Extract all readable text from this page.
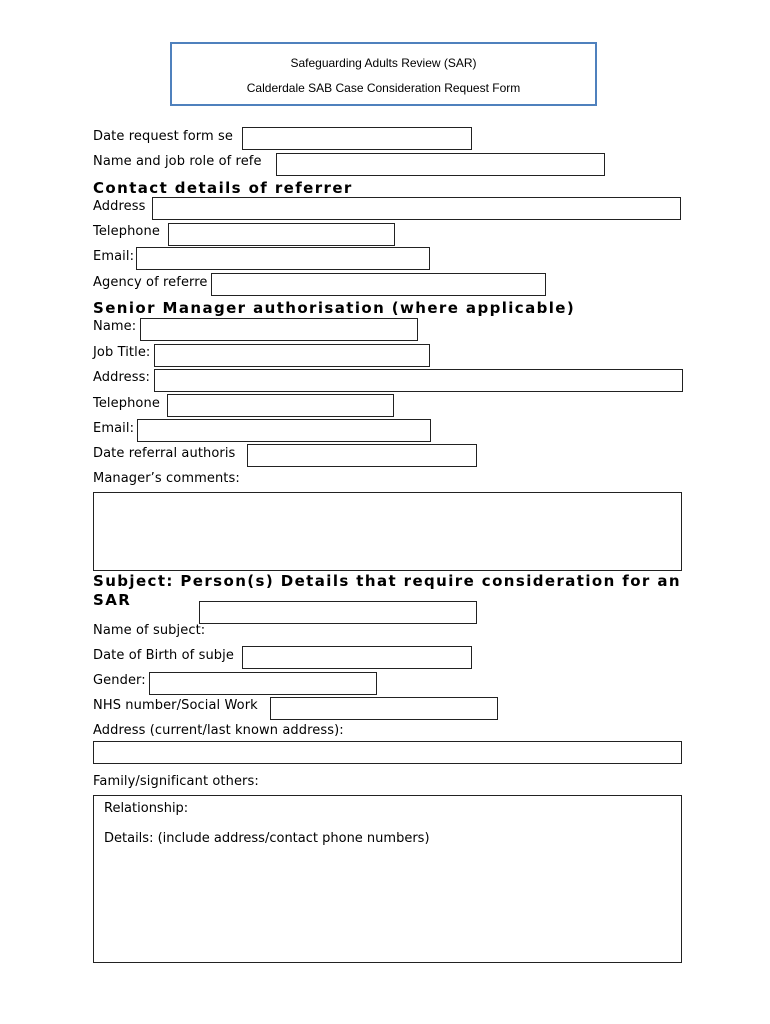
Safeguarding Adults Review (SAR)
Calderdale SAB Case Consideration Request Form
Date request form se
Name and job role of refe
Contact details of referrer
Address
Telephone
Email:
Agency of referre
Senior Manager authorisation (where applicable)
Name:
Job Title:
Address:
Telephone
Email:
Date referral authoris
Manager’s comments:
Subject: Person(s) Details that require consideration for an
SAR
Name of subject:
Date of Birth of subje
Gender:
NHS number/Social Work
Address (current/last known address):
Family/significant others:
Relationship:
Details: (include address/contact phone numbers)
